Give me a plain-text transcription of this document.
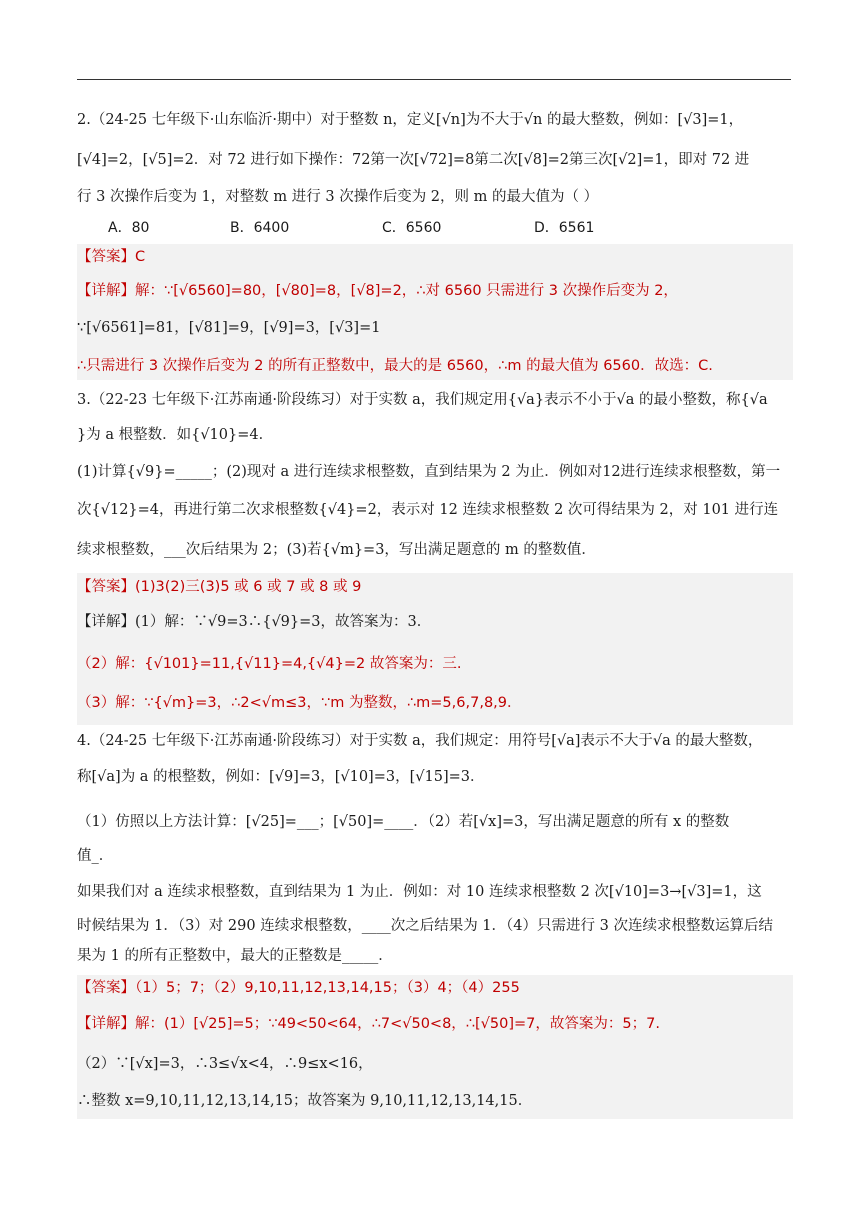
2.（24-25 七年级下·山东临沂·期中）对于整数 n，定义[√n]为不大于√n 的最大整数，例如：[√3]=1，
[√4]=2，[√5]=2．对 72 进行如下操作：72第一次[√72]=8第二次[√8]=2第三次[√2]=1，即对 72 进
行 3 次操作后变为 1，对整数 m 进行 3 次操作后变为 2，则 m 的最大值为（ ）
A．80	B．6400	C．6560	D．6561
【答案】C
【详解】解：∵[√6560]=80，[√80]=8，[√8]=2，∴对 6560 只需进行 3 次操作后变为 2，
∵[√6561]=81，[√81]=9，[√9]=3，[√3]=1
∴只需进行 3 次操作后变为 2 的所有正整数中，最大的是 6560，∴m 的最大值为 6560．故选：C.
3.（22-23 七年级下·江苏南通·阶段练习）对于实数 a，我们规定用{√a}表示不小于√a 的最小整数，称{√a
}为 a 根整数．如{√10}=4．
(1)计算{√9}=_____；(2)现对 a 进行连续求根整数，直到结果为 2 为止．例如对12进行连续求根整数，第一
次{√12}=4，再进行第二次求根整数{√4}=2，表示对 12 连续求根整数 2 次可得结果为 2，对 101 进行连
续求根整数，___次后结果为 2；(3)若{√m}=3，写出满足题意的 m 的整数值．
【答案】(1)3(2)三(3)5 或 6 或 7 或 8 或 9
【详解】(1）解：∵√9=3∴{√9}=3，故答案为：3．
（2）解：{√101}=11,{√11}=4,{√4}=2 故答案为：三.
（3）解：∵{√m}=3，∴2<√m≤3，∵m 为整数，∴m=5,6,7,8,9．
4.（24-25 七年级下·江苏南通·阶段练习）对于实数 a，我们规定：用符号[√a]表示不大于√a 的最大整数，
称[√a]为 a 的根整数，例如：[√9]=3，[√10]=3，[√15]=3．
（1）仿照以上方法计算：[√25]=___；[√50]=____．（2）若[√x]=3，写出满足题意的所有 x 的整数
值_．
如果我们对 a 连续求根整数，直到结果为 1 为止．例如：对 10 连续求根整数 2 次[√10]=3→[√3]=1，这
时候结果为 1．（3）对 290 连续求根整数，____次之后结果为 1．（4）只需进行 3 次连续求根整数运算后结
果为 1 的所有正整数中，最大的正整数是_____．
【答案】（1）5；7；（2）9,10,11,12,13,14,15；（3）4；（4）255
【详解】解：(1）[√25]=5；∵49<50<64，∴7<√50<8，∴[√50]=7，故答案为：5；7.
（2）∵[√x]=3，∴3≤√x<4，∴9≤x<16，
∴整数 x=9,10,11,12,13,14,15；故答案为 9,10,11,12,13,14,15．
